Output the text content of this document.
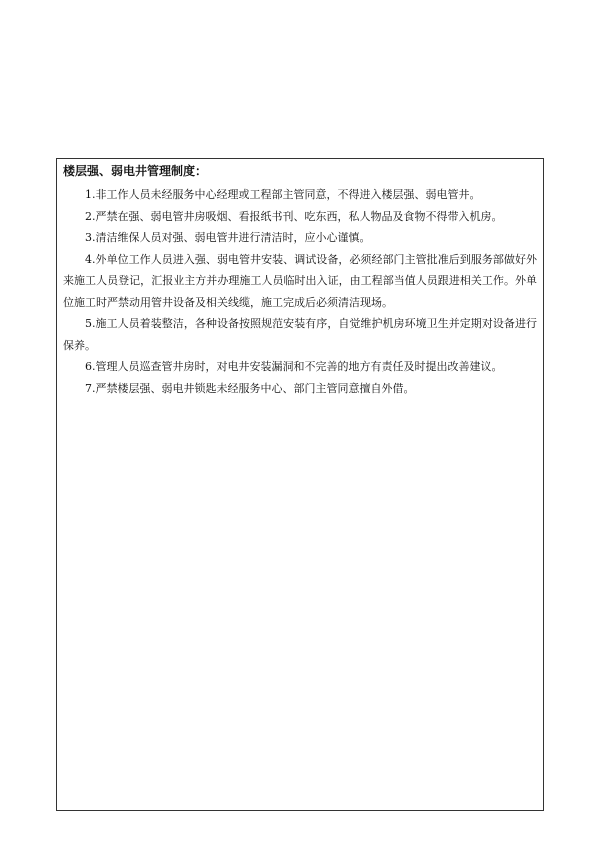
楼层强、弱电井管理制度：

1.非工作人员未经服务中心经理或工程部主管同意，不得进入楼层强、弱电管井。

2.严禁在强、弱电管井房吸烟、看报纸书刊、吃东西，私人物品及食物不得带入机房。

3.清洁维保人员对强、弱电管井进行清洁时，应小心谨慎。

4.外单位工作人员进入强、弱电管井安装、调试设备，必须经部门主管批准后到服务部做好外来施工人员登记，汇报业主方并办理施工人员临时出入证，由工程部当值人员跟进相关工作。外单位施工时严禁动用管井设备及相关线缆，施工完成后必须清洁现场。

5.施工人员着装整洁，各种设备按照规范安装有序，自觉维护机房环境卫生并定期对设备进行保养。

6.管理人员巡查管井房时，对电井安装漏洞和不完善的地方有责任及时提出改善建议。

7.严禁楼层强、弱电井锁匙未经服务中心、部门主管同意擅自外借。
